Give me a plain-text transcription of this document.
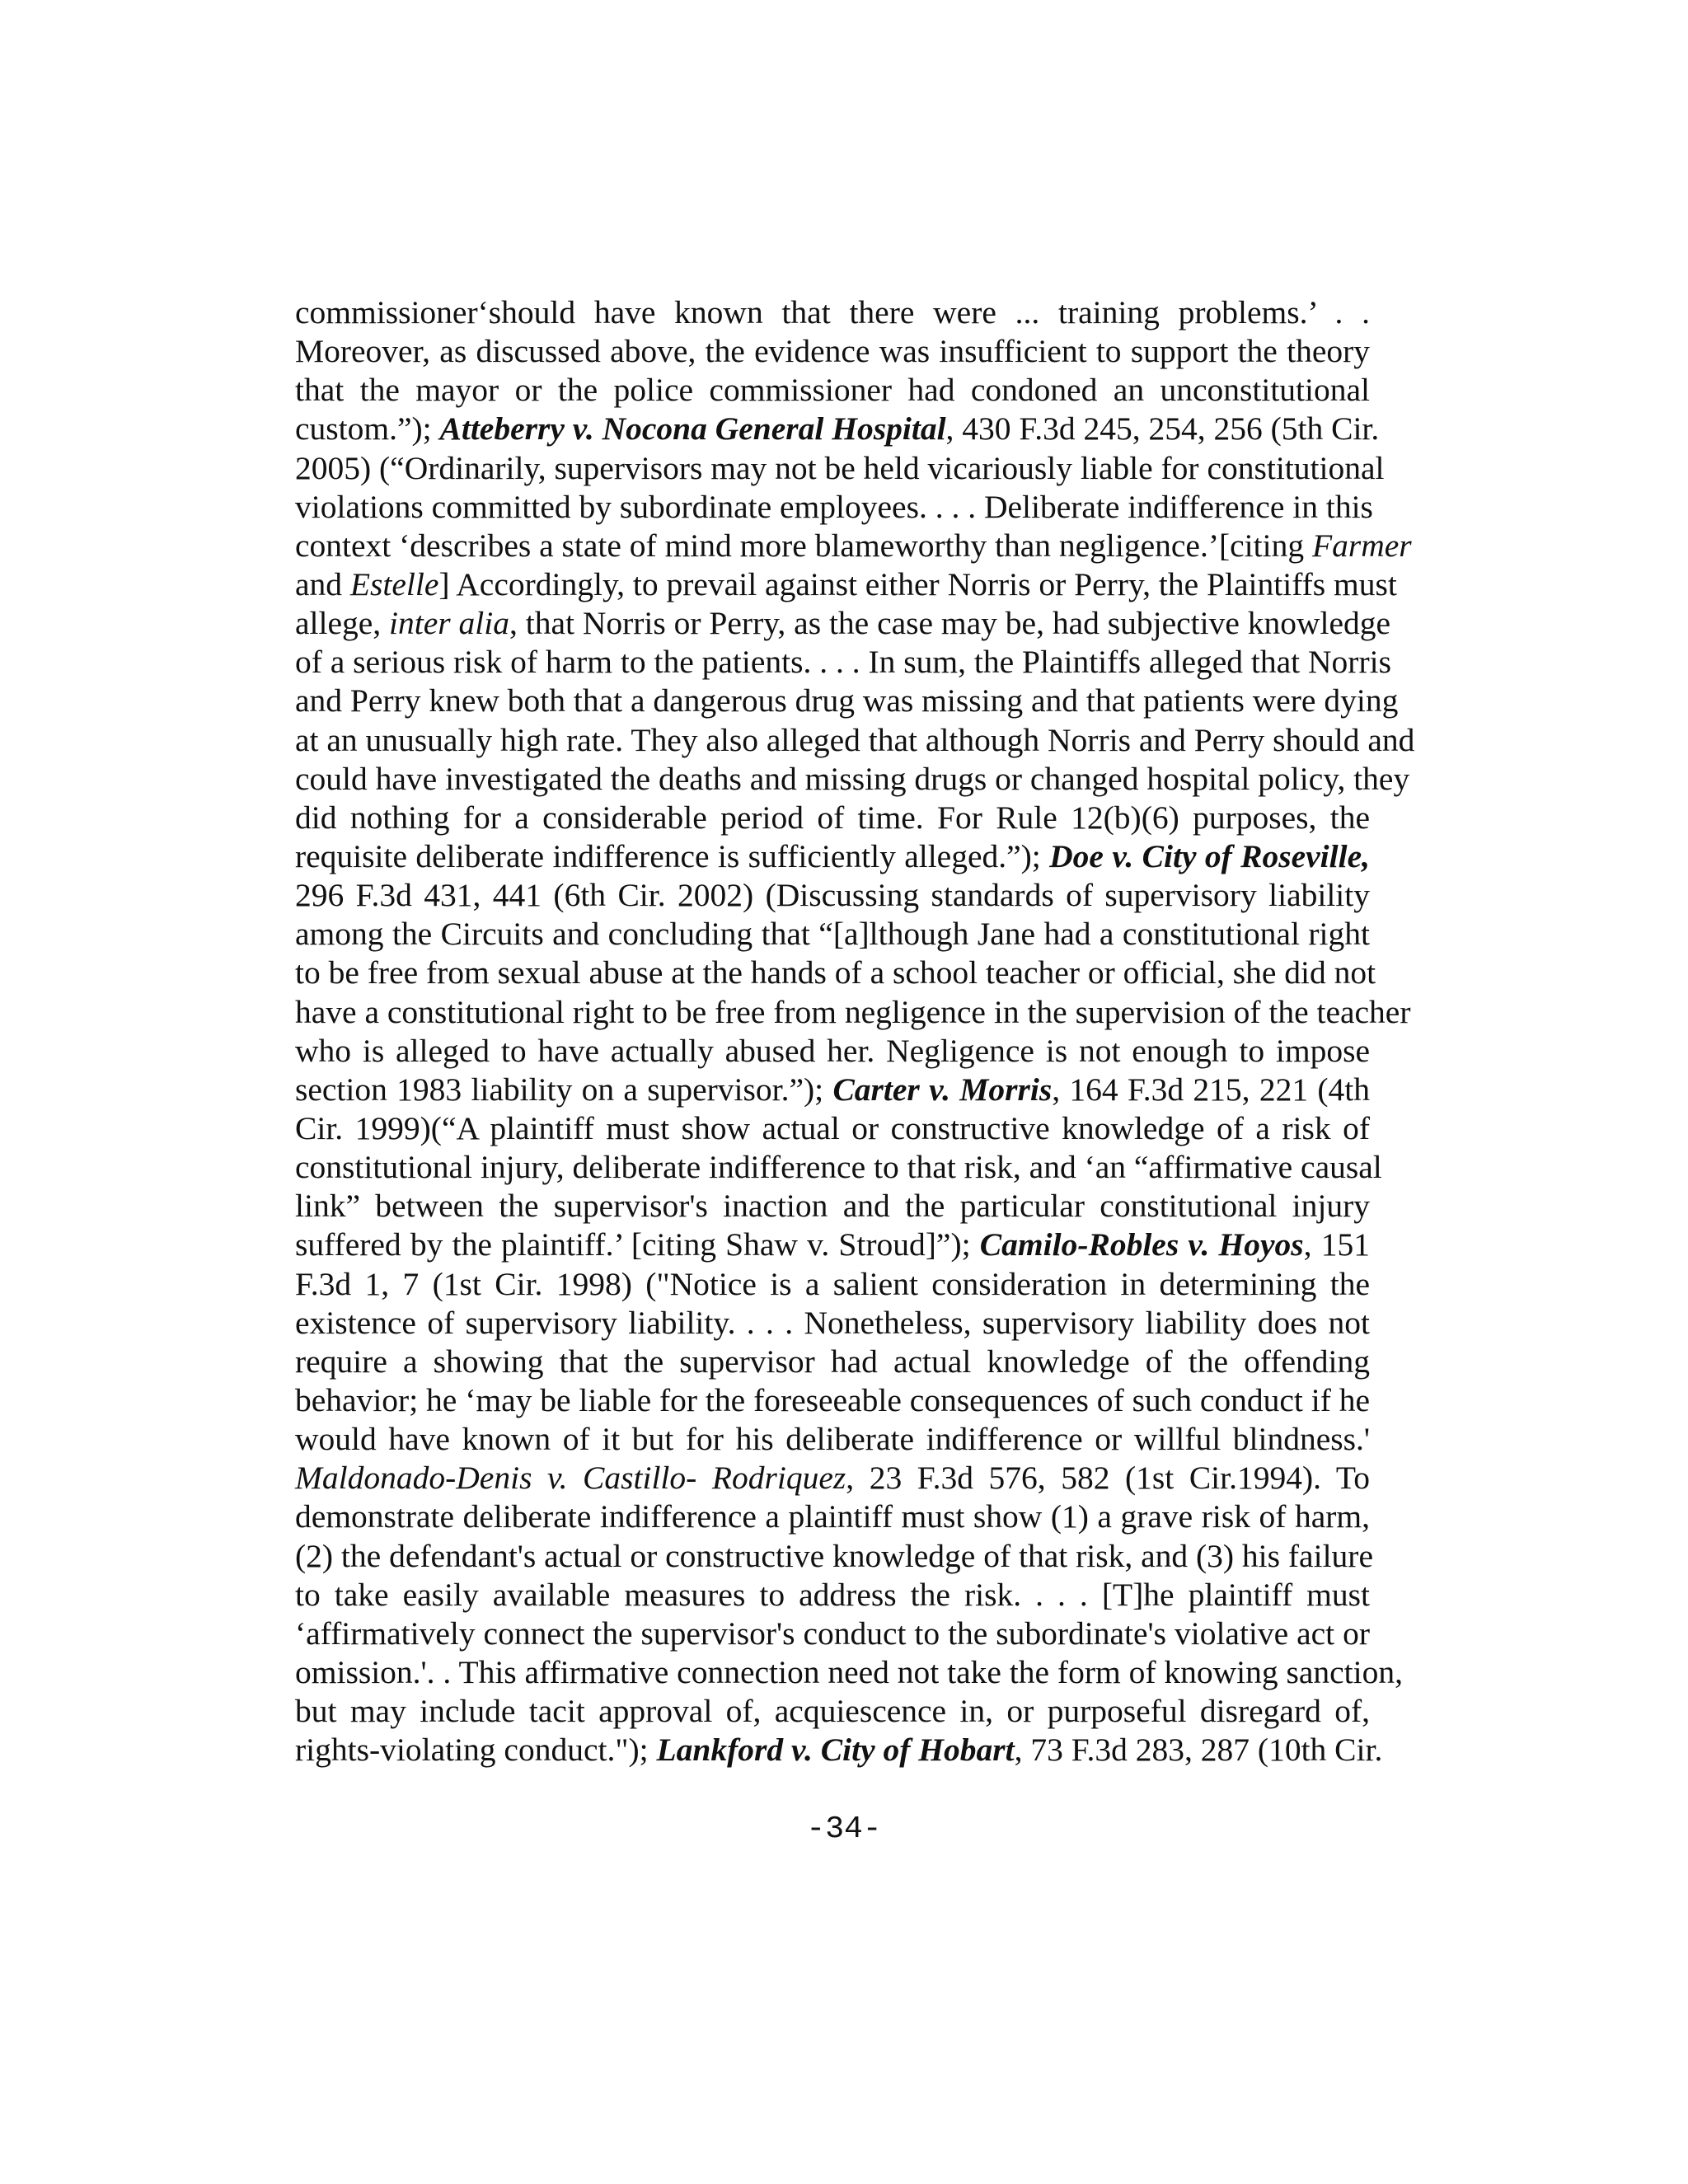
commissioner‘should have known that there were ... training problems.’ . .
Moreover, as discussed above, the evidence was insufficient to support the theory
that the mayor or the police commissioner had condoned an unconstitutional
custom.”); Atteberry v. Nocona General Hospital, 430 F.3d 245, 254, 256 (5th Cir.
2005) (“Ordinarily, supervisors may not be held vicariously liable for constitutional
violations committed by subordinate employees. . . . Deliberate indifference in this
context ‘describes a state of mind more blameworthy than negligence.’[citing Farmer
and Estelle] Accordingly, to prevail against either Norris or Perry, the Plaintiffs must
allege, inter alia, that Norris or Perry, as the case may be, had subjective knowledge
of a serious risk of harm to the patients. . . . In sum, the Plaintiffs alleged that Norris
and Perry knew both that a dangerous drug was missing and that patients were dying
at an unusually high rate. They also alleged that although Norris and Perry should and
could have investigated the deaths and missing drugs or changed hospital policy, they
did nothing for a considerable period of time. For Rule 12(b)(6) purposes, the
requisite deliberate indifference is sufficiently alleged.”); Doe v. City of Roseville,
296 F.3d 431, 441 (6th Cir. 2002) (Discussing standards of supervisory liability
among the Circuits and concluding that “[a]lthough Jane had a constitutional right
to be free from sexual abuse at the hands of a school teacher or official, she did not
have a constitutional right to be free from negligence in the supervision of the teacher
who is alleged to have actually abused her. Negligence is not enough to impose
section 1983 liability on a supervisor.”); Carter v. Morris, 164 F.3d 215, 221 (4th
Cir. 1999)(“A plaintiff must show actual or constructive knowledge of a risk of
constitutional injury, deliberate indifference to that risk, and ‘an “affirmative causal
link” between the supervisor's inaction and the particular constitutional injury
suffered by the plaintiff.’ [citing Shaw v. Stroud]”); Camilo-Robles v. Hoyos, 151
F.3d 1, 7 (1st Cir. 1998) ("Notice is a salient consideration in determining the
existence of supervisory liability. . . . Nonetheless, supervisory liability does not
require a showing that the supervisor had actual knowledge of the offending
behavior; he ‘may be liable for the foreseeable consequences of such conduct if he
would have known of it but for his deliberate indifference or willful blindness.'
Maldonado-Denis v. Castillo- Rodriquez, 23 F.3d 576, 582 (1st Cir.1994). To
demonstrate deliberate indifference a plaintiff must show (1) a grave risk of harm,
(2) the defendant's actual or constructive knowledge of that risk, and (3) his failure
to take easily available measures to address the risk. . . . [T]he plaintiff must
‘affirmatively connect the supervisor's conduct to the subordinate's violative act or
omission.'. . This affirmative connection need not take the form of knowing sanction,
but may include tacit approval of, acquiescence in, or purposeful disregard of,
rights-violating conduct."); Lankford v. City of Hobart, 73 F.3d 283, 287 (10th Cir.
-34-
